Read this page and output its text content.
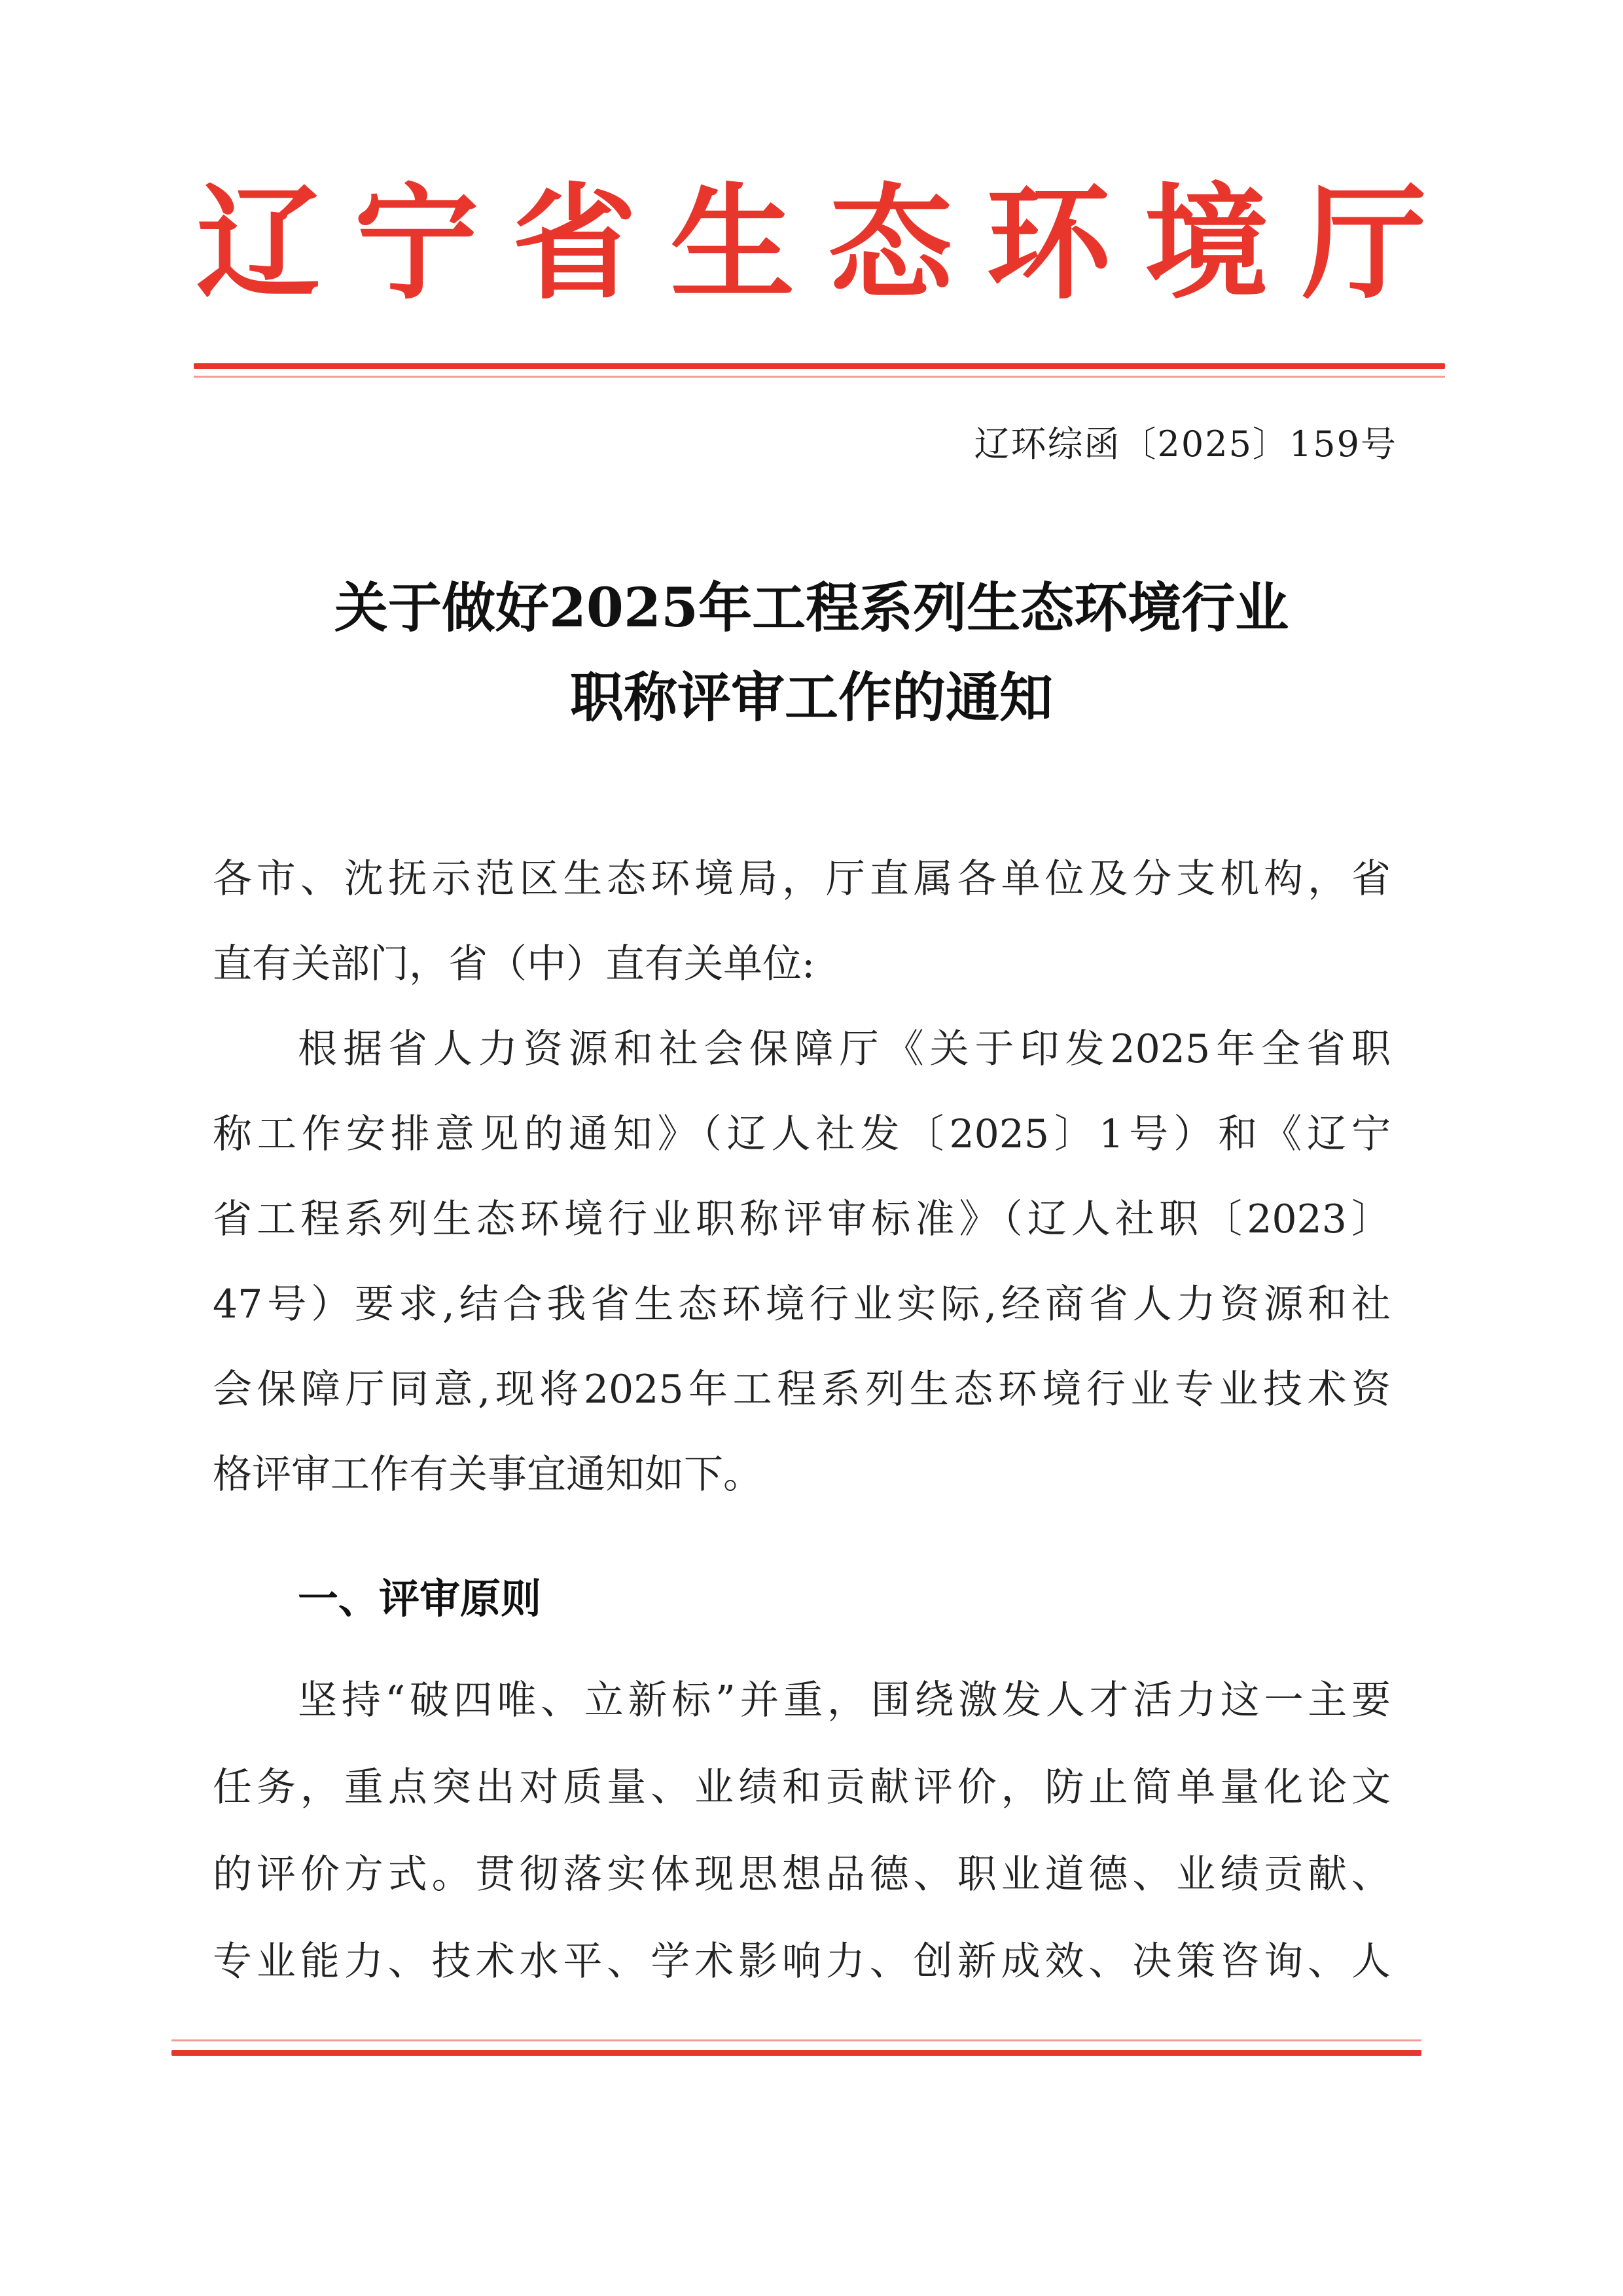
辽 宁 省 生 态 环 境 厅
辽环综函〔2025〕159号
关于做好2025年工程系列生态环境行业
职称评审工作的通知
各市、沈抚示范区生态环境局，厅直属各单位及分支机构，省
直有关部门，省（中）直有关单位:
根据省人力资源和社会保障厅《关于印发2025年全省职
称工作安排意见的通知》（辽人社发〔2025〕1号）和《辽宁
省工程系列生态环境行业职称评审标准》（辽人社职〔2023〕
47号）要求,结合我省生态环境行业实际,经商省人力资源和社
会保障厅同意,现将2025年工程系列生态环境行业专业技术资
格评审工作有关事宜通知如下。
一、评审原则
坚持“破四唯、立新标”并重，围绕激发人才活力这一主要
任务，重点突出对质量、业绩和贡献评价，防止简单量化论文
的评价方式。贯彻落实体现思想品德、职业道德、业绩贡献、
专业能力、技术水平、学术影响力、创新成效、决策咨询、人
